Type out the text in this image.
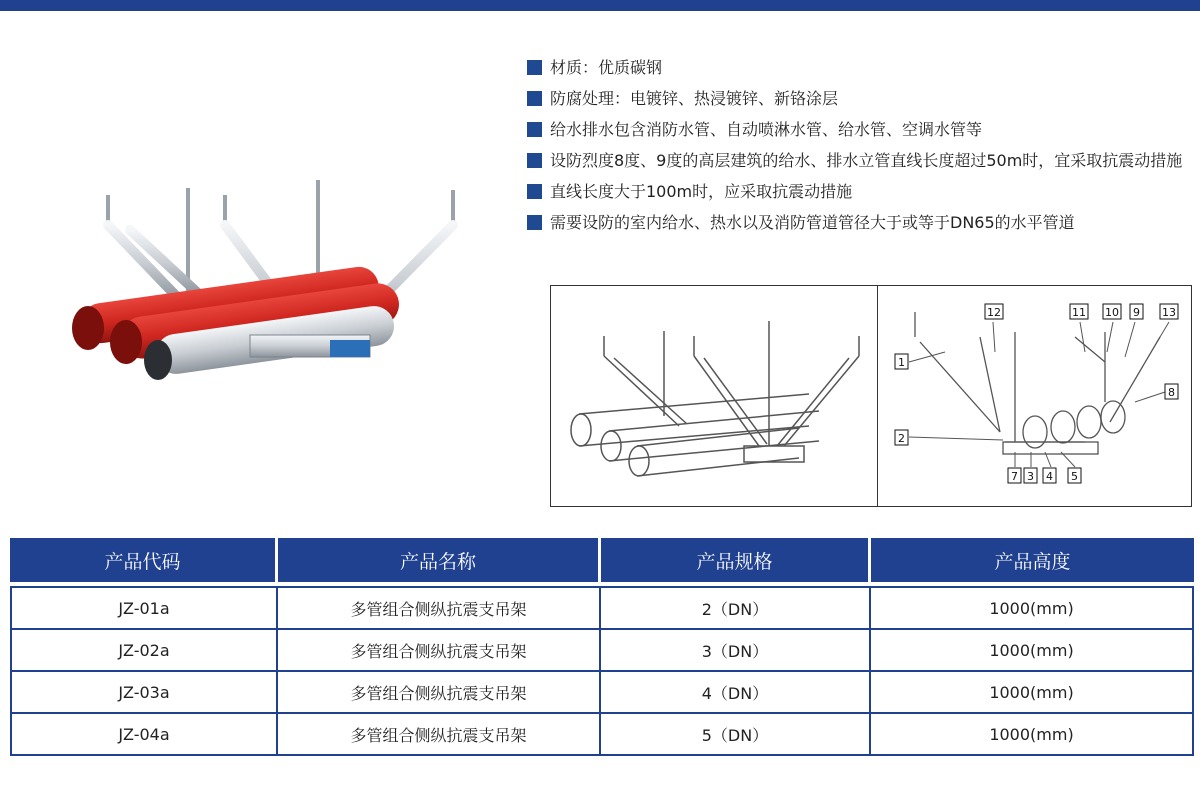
材质：优质碳钢
防腐处理：电镀锌、热浸镀锌、新铬涂层
给水排水包含消防水管、自动喷淋水管、给水管、空调水管等
设防烈度8度、9度的高层建筑的给水、排水立管直线长度超过50m时，宜采取抗震动措施
直线长度大于100m时，应采取抗震动措施
需要设防的室内给水、热水以及消防管道管径大于或等于DN65的水平管道
1
2
12	11 10 9 13
8
7 3 4 5
产品代码	产品名称	产品规格	产品高度

JZ-01a	多管组合侧纵抗震支吊架	2（DN）	1000(mm)
JZ-02a	多管组合侧纵抗震支吊架	3（DN）	1000(mm)
JZ-03a	多管组合侧纵抗震支吊架	4（DN）	1000(mm)
JZ-04a	多管组合侧纵抗震支吊架	5（DN）	1000(mm)
